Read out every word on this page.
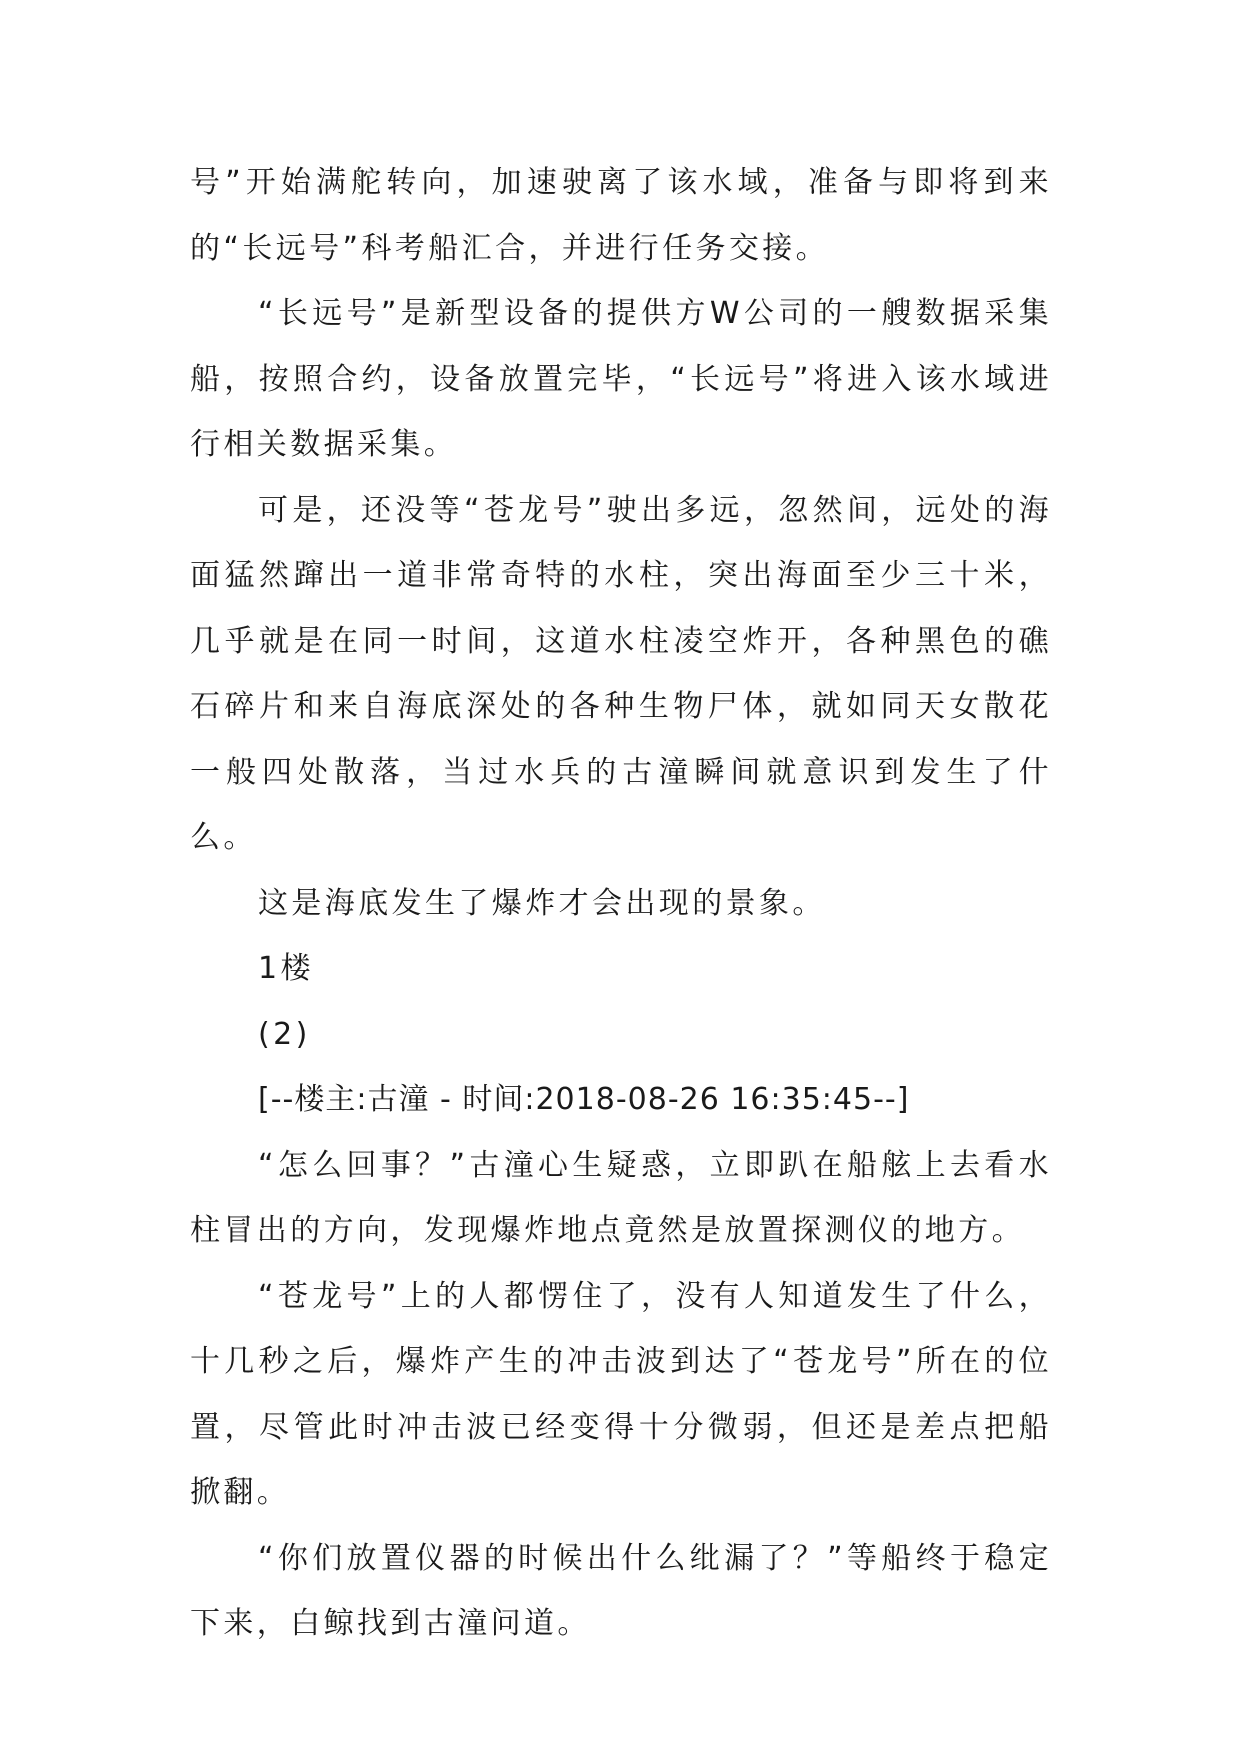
号”开始满舵转向，加速驶离了该水域，准备与即将到来的“长远号”科考船汇合，并进行任务交接。

“长远号”是新型设备的提供方W公司的一艘数据采集船，按照合约，设备放置完毕，“长远号”将进入该水域进行相关数据采集。

可是，还没等“苍龙号”驶出多远，忽然间，远处的海面猛然蹿出一道非常奇特的水柱，突出海面至少三十米，几乎就是在同一时间，这道水柱凌空炸开，各种黑色的礁石碎片和来自海底深处的各种生物尸体，就如同天女散花一般四处散落，当过水兵的古潼瞬间就意识到发生了什么。

这是海底发生了爆炸才会出现的景象。

1楼

(2)

[--楼主:古潼 - 时间:2018-08-26 16:35:45--]

“怎么回事？”古潼心生疑惑，立即趴在船舷上去看水柱冒出的方向，发现爆炸地点竟然是放置探测仪的地方。

“苍龙号”上的人都愣住了，没有人知道发生了什么，十几秒之后，爆炸产生的冲击波到达了“苍龙号”所在的位置，尽管此时冲击波已经变得十分微弱，但还是差点把船掀翻。

“你们放置仪器的时候出什么纰漏了？”等船终于稳定下来，白鲸找到古潼问道。
